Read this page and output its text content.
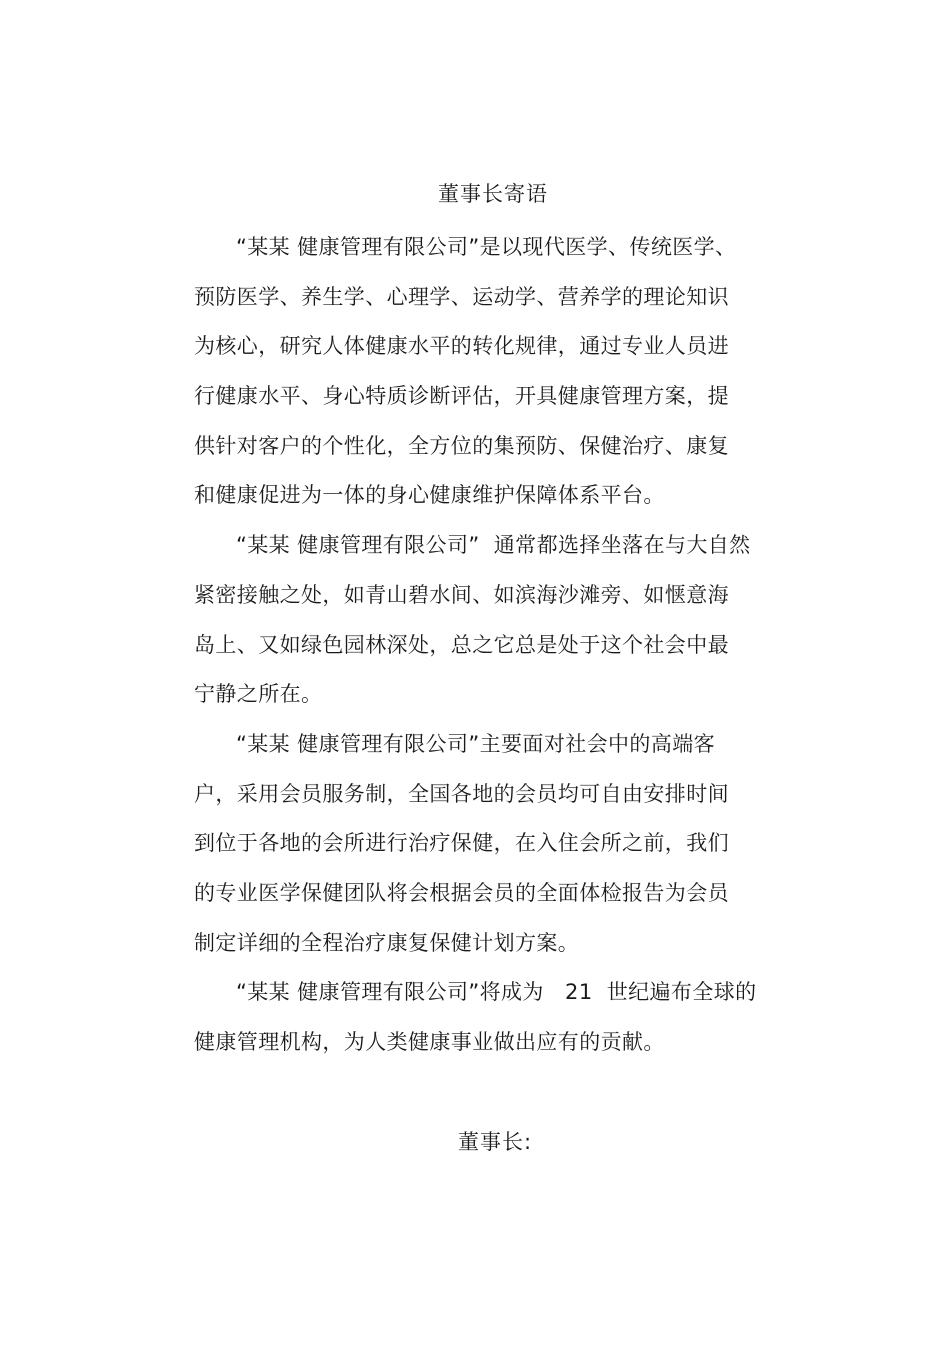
董事长寄语
“某某 健康管理有限公司”是以现代医学、传统医学、
预防医学、养生学、心理学、运动学、营养学的理论知识
为核心，研究人体健康水平的转化规律，通过专业人员进
行健康水平、身心特质诊断评估，开具健康管理方案，提
供针对客户的个性化，全方位的集预防、保健治疗、康复
和健康促进为一体的身心健康维护保障体系平台。
“某某 健康管理有限公司”  通常都选择坐落在与大自然
紧密接触之处，如青山碧水间、如滨海沙滩旁、如惬意海
岛上、又如绿色园林深处，总之它总是处于这个社会中最
宁静之所在。
“某某 健康管理有限公司”主要面对社会中的高端客
户，采用会员服务制，全国各地的会员均可自由安排时间
到位于各地的会所进行治疗保健，在入住会所之前，我们
的专业医学保健团队将会根据会员的全面体检报告为会员
制定详细的全程治疗康复保健计划方案。
“某某 健康管理有限公司”将成为   21  世纪遍布全球的
健康管理机构，为人类健康事业做出应有的贡献。
董事长:
